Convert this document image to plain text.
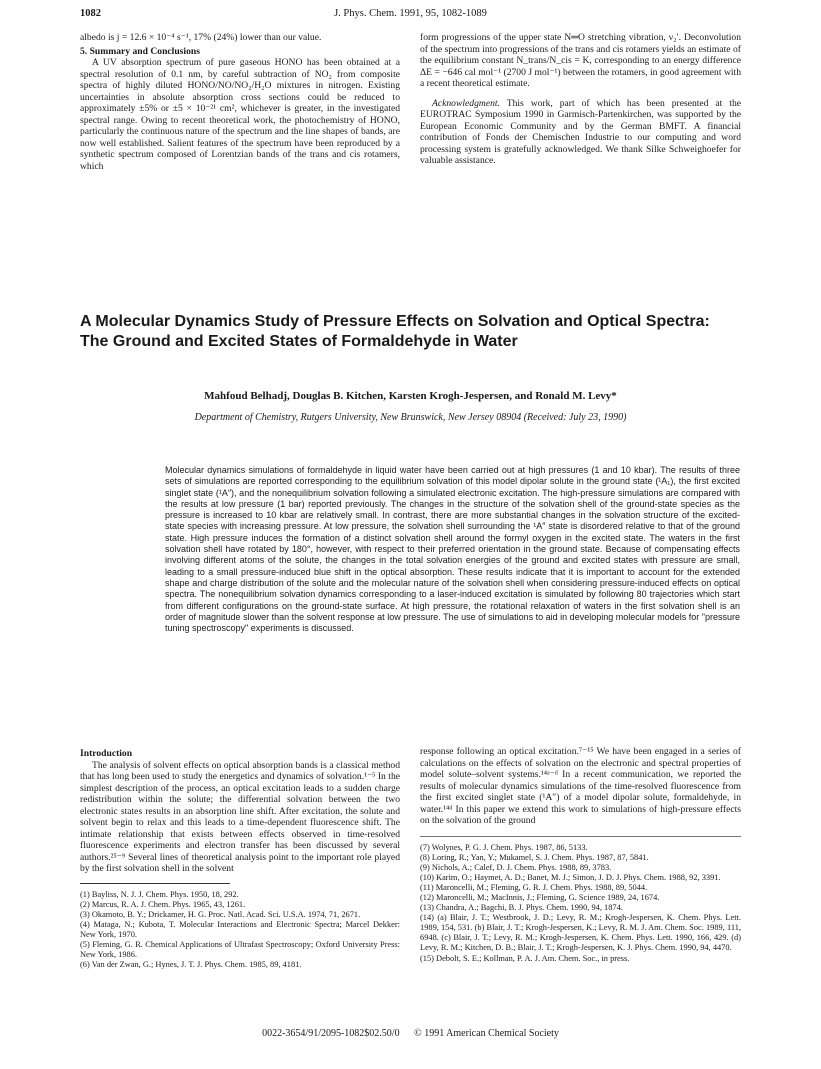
1082	J. Phys. Chem. 1991, 95, 1082-1089

albedo is j = 12.6 × 10⁻⁴ s⁻¹, 17% (24%) lower than our value.

5. Summary and Conclusions

A UV absorption spectrum of pure gaseous HONO has been obtained at a spectral resolution of 0.1 nm, by careful subtraction of NO₂ from composite spectra of highly diluted HONO/NO/NO₂/H₂O mixtures in nitrogen. Existing uncertainties in absolute absorption cross sections could be reduced to approximately ±5% or ±5 × 10⁻²¹ cm², whichever is greater, in the investigated spectral range. Owing to recent theoretical work, the photochemistry of HONO, particularly the continuous nature of the spectrum and the line shapes of bands, are now well established. Salient features of the spectrum have been reproduced by a synthetic spectrum composed of Lorentzian bands of the trans and cis rotamers, which

form progressions of the upper state N═O stretching vibration, ν₂′. Deconvolution of the spectrum into progressions of the trans and cis rotamers yields an estimate of the equilibrium constant N_trans/N_cis = K, corresponding to an energy difference ΔE = −646 cal mol⁻¹ (2700 J mol⁻¹) between the rotamers, in good agreement with a recent theoretical estimate.

Acknowledgment. This work, part of which has been presented at the EUROTRAC Symposium 1990 in Garmisch-Partenkirchen, was supported by the European Economic Community and by the German BMFT. A financial contribution of Fonds der Chemischen Industrie to our computing and word processing system is gratefully acknowledged. We thank Silke Schweighoefer for valuable assistance.

A Molecular Dynamics Study of Pressure Effects on Solvation and Optical Spectra: The Ground and Excited States of Formaldehyde in Water
Mahfoud Belhadj, Douglas B. Kitchen, Karsten Krogh-Jespersen, and Ronald M. Levy*
Department of Chemistry, Rutgers University, New Brunswick, New Jersey 08904 (Received: July 23, 1990)
Molecular dynamics simulations of formaldehyde in liquid water have been carried out at high pressures (1 and 10 kbar). The results of three sets of simulations are reported corresponding to the equilibrium solvation of this model dipolar solute in the ground state (¹A₁), the first excited singlet state (¹A″), and the nonequilibrium solvation following a simulated electronic excitation. The high-pressure simulations are compared with the results at low pressure (1 bar) reported previously. The changes in the structure of the solvation shell of the ground-state species as the pressure is increased to 10 kbar are relatively small. In contrast, there are more substantial changes in the solvation structure of the excited-state species with increasing pressure. At low pressure, the solvation shell surrounding the ¹A″ state is disordered relative to that of the ground state. High pressure induces the formation of a distinct solvation shell around the formyl oxygen in the excited state. The waters in the first solvation shell have rotated by 180°, however, with respect to their preferred orientation in the ground state. Because of compensating effects involving different atoms of the solute, the changes in the total solvation energies of the ground and excited states with pressure are small, leading to a small pressure-induced blue shift in the optical absorption. These results indicate that it is important to account for the extended shape and charge distribution of the solute and the molecular nature of the solvation shell when considering pressure-induced effects on optical spectra. The nonequilibrium solvation dynamics corresponding to a laser-induced excitation is simulated by following 80 trajectories which start from different configurations on the ground-state surface. At high pressure, the rotational relaxation of waters in the first solvation shell is an order of magnitude slower than the solvent response at low pressure. The use of simulations to aid in developing molecular models for "pressure tuning spectroscopy" experiments is discussed.
Introduction

The analysis of solvent effects on optical absorption bands is a classical method that has long been used to study the energetics and dynamics of solvation.¹⁻⁵ In the simplest description of the process, an optical excitation leads to a sudden charge redistribution within the solute; the differential solvation between the two electronic states results in an absorption line shift. After excitation, the solute and solvent begin to relax and this leads to a time-dependent fluorescence shift. The intimate relationship that exists between effects observed in time-resolved fluorescence experiments and electron transfer has been discussed by several authors.²⁵⁻⁹ Several lines of theoretical analysis point to the important role played by the first solvation shell in the solvent

(1) Bayliss, N. J. J. Chem. Phys. 1950, 18, 292.
(2) Marcus, R. A. J. Chem. Phys. 1965, 43, 1261.
(3) Okamoto, B. Y.; Drickamer, H. G. Proc. Natl. Acad. Sci. U.S.A. 1974, 71, 2671.
(4) Mataga, N.; Kubota, T. Molecular Interactions and Electronic Spectra; Marcel Dekker: New York, 1970.
(5) Fleming, G. R. Chemical Applications of Ultrafast Spectroscopy; Oxford University Press: New York, 1986.
(6) Van der Zwan, G.; Hynes, J. T. J. Phys. Chem. 1985, 89, 4181.

response following an optical excitation.⁷⁻¹⁵ We have been engaged in a series of calculations on the effects of solvation on the electronic and spectral properties of model solute–solvent systems.¹⁴ᵃ⁻ᵈ In a recent communication, we reported the results of molecular dynamics simulations of the time-resolved fluorescence from the first excited singlet state (¹A″) of a model dipolar solute, formaldehyde, in water.¹⁴ᵈ In this paper we extend this work to simulations of high-pressure effects on the solvation of the ground

(7) Wolynes, P. G. J. Chem. Phys. 1987, 86, 5133.
(8) Loring, R.; Yan, Y.; Mukamel, S. J. Chem. Phys. 1987, 87, 5841.
(9) Nichols, A.; Calef, D. J. Chem. Phys. 1988, 89, 3783.
(10) Karim, O.; Haymet, A. D.; Banet, M. J.; Simon, J. D. J. Phys. Chem. 1988, 92, 3391.
(11) Maroncelli, M.; Fleming, G. R. J. Chem. Phys. 1988, 89, 5044.
(12) Maroncelli, M.; MacInnis, J.; Fleming, G. Science 1989, 24, 1674.
(13) Chandra, A.; Bagchi, B. J. Phys. Chem. 1990, 94, 1874.
(14) (a) Blair, J. T.; Westbrook, J. D.; Levy, R. M.; Krogh-Jespersen, K. Chem. Phys. Lett. 1989, 154, 531. (b) Blair, J. T.; Krogh-Jespersen, K.; Levy, R. M. J. Am. Chem. Soc. 1989, 111, 6948. (c) Blair, J. T.; Levy, R. M.; Krogh-Jespersen, K. Chem. Phys. Lett. 1990, 166, 429. (d) Levy, R. M.; Kitchen, D. B.; Blair, J. T.; Krogh-Jespersen, K. J. Phys. Chem. 1990, 94, 4470.
(15) Debolt, S. E.; Kollman, P. A. J. Am. Chem. Soc., in press.
0022-3654/91/2095-1082$02.50/0 © 1991 American Chemical Society
